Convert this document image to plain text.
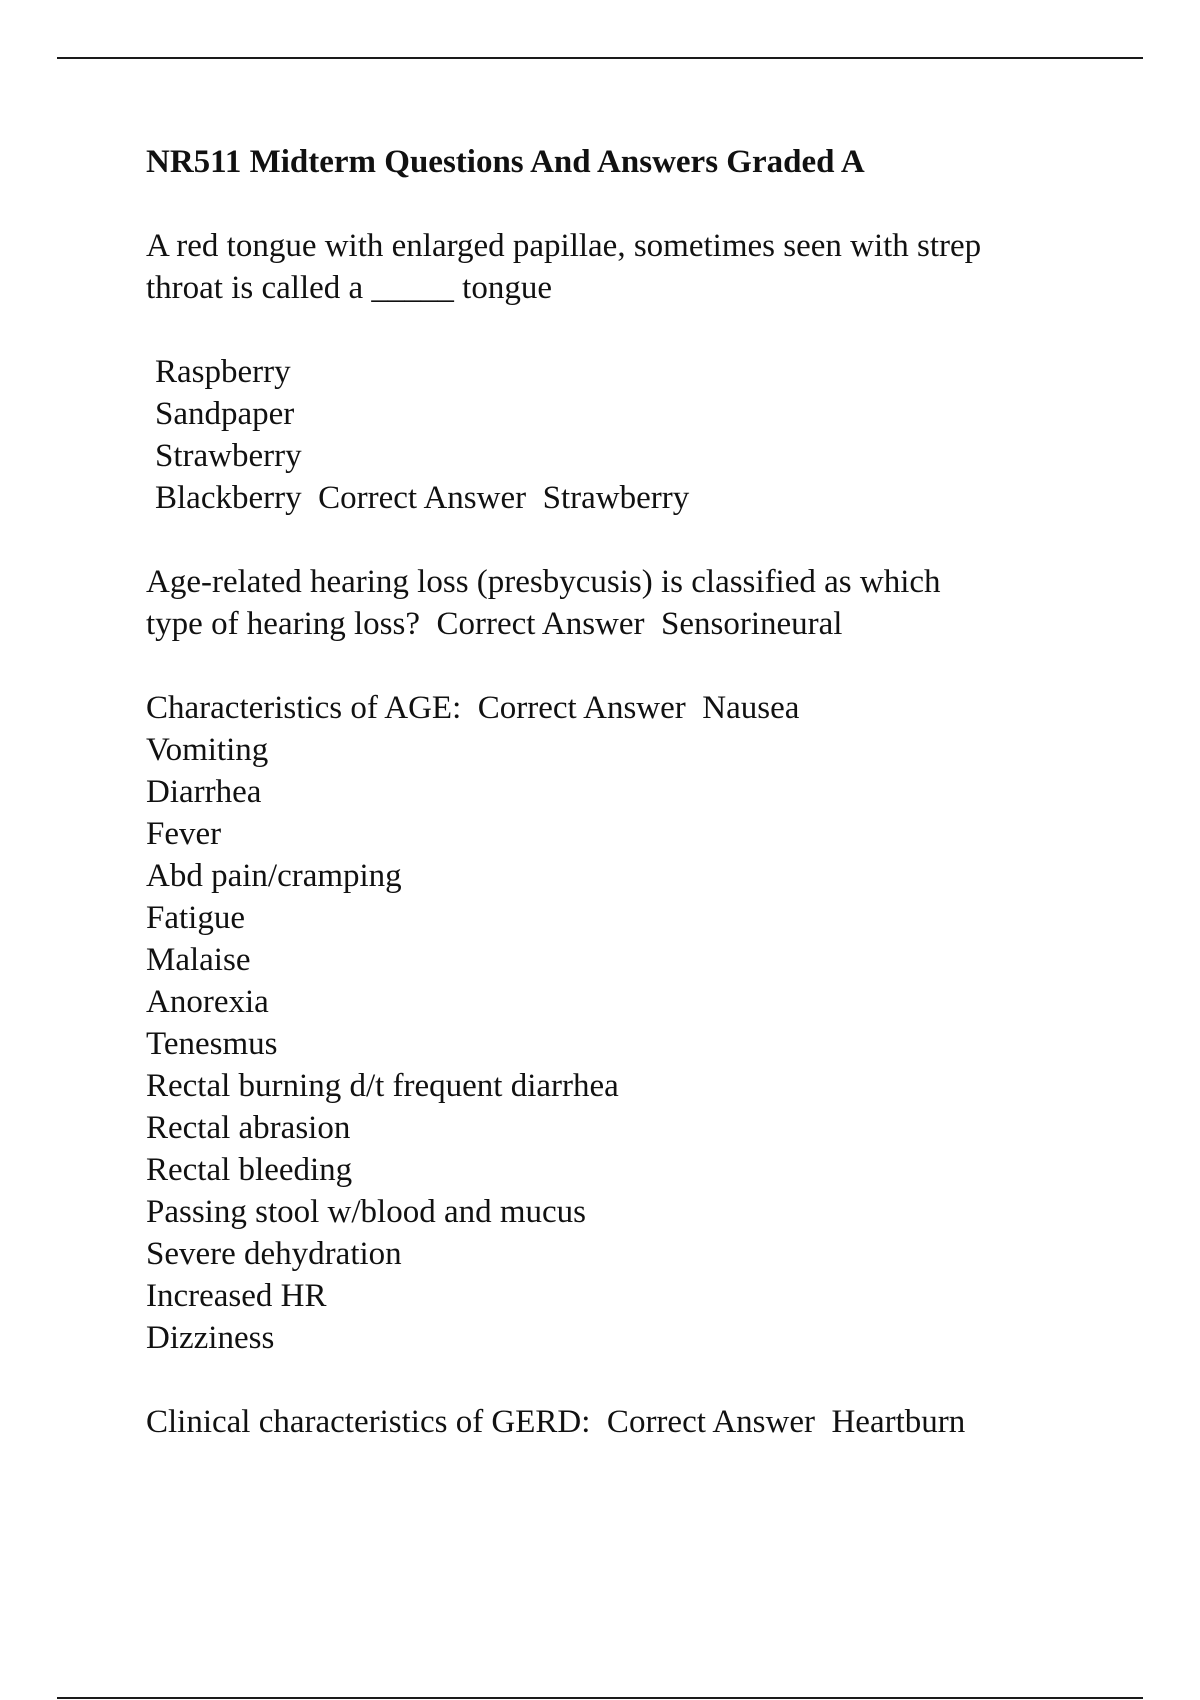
NR511 Midterm Questions And Answers Graded A
A red tongue with enlarged papillae, sometimes seen with strep
throat is called a _____ tongue
Raspberry
Sandpaper
Strawberry
Blackberry  Correct Answer  Strawberry
Age-related hearing loss (presbycusis) is classified as which
type of hearing loss?  Correct Answer  Sensorineural
Characteristics of AGE:  Correct Answer  Nausea
Vomiting
Diarrhea
Fever
Abd pain/cramping
Fatigue
Malaise
Anorexia
Tenesmus
Rectal burning d/t frequent diarrhea
Rectal abrasion
Rectal bleeding
Passing stool w/blood and mucus
Severe dehydration
Increased HR
Dizziness
Clinical characteristics of GERD:  Correct Answer  Heartburn
